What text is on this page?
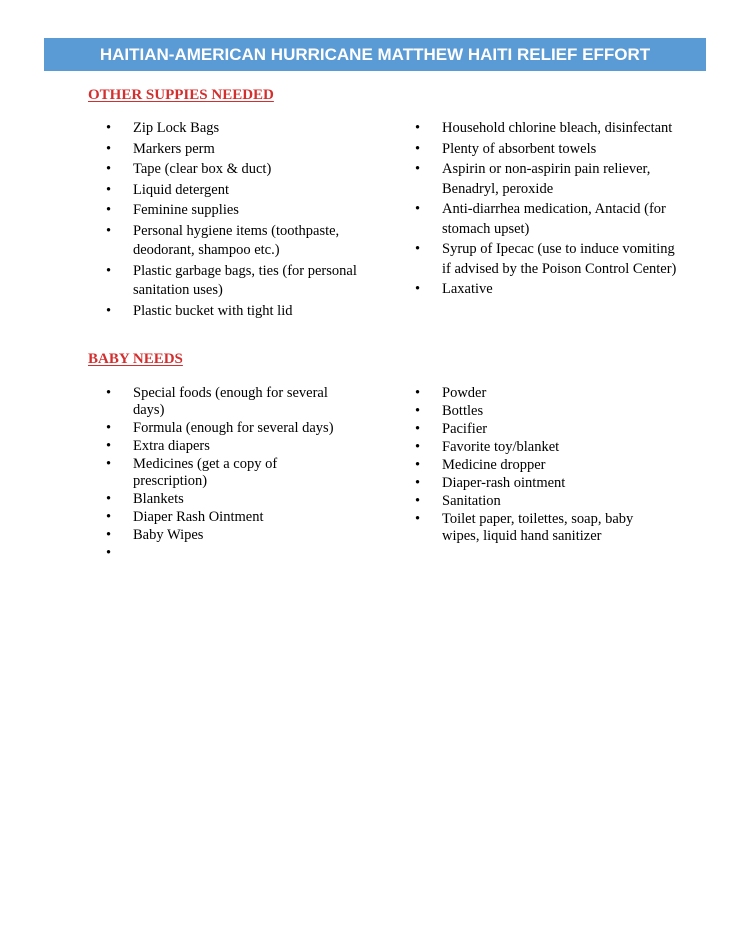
HAITIAN-AMERICAN HURRICANE MATTHEW HAITI RELIEF EFFORT
OTHER SUPPIES NEEDED
• Zip Lock Bags
• Markers perm
• Tape (clear box & duct)
• Liquid detergent
• Feminine supplies
• Personal hygiene items (toothpaste, deodorant, shampoo etc.)
• Plastic garbage bags, ties (for personal sanitation uses)
• Plastic bucket with tight lid
• Household chlorine bleach, disinfectant
• Plenty of absorbent towels
• Aspirin or non-aspirin pain reliever, Benadryl, peroxide
• Anti-diarrhea medication, Antacid (for stomach upset)
• Syrup of Ipecac (use to induce vomiting if advised by the Poison Control Center)
• Laxative
BABY NEEDS
• Special foods (enough for several days)
• Formula (enough for several days)
• Extra diapers
• Medicines (get a copy of prescription)
• Blankets
• Diaper Rash Ointment
• Baby Wipes
•

• Powder
• Bottles
• Pacifier
• Favorite toy/blanket
• Medicine dropper
• Diaper-rash ointment
• Sanitation
• Toilet paper, toilettes, soap, baby wipes, liquid hand sanitizer
